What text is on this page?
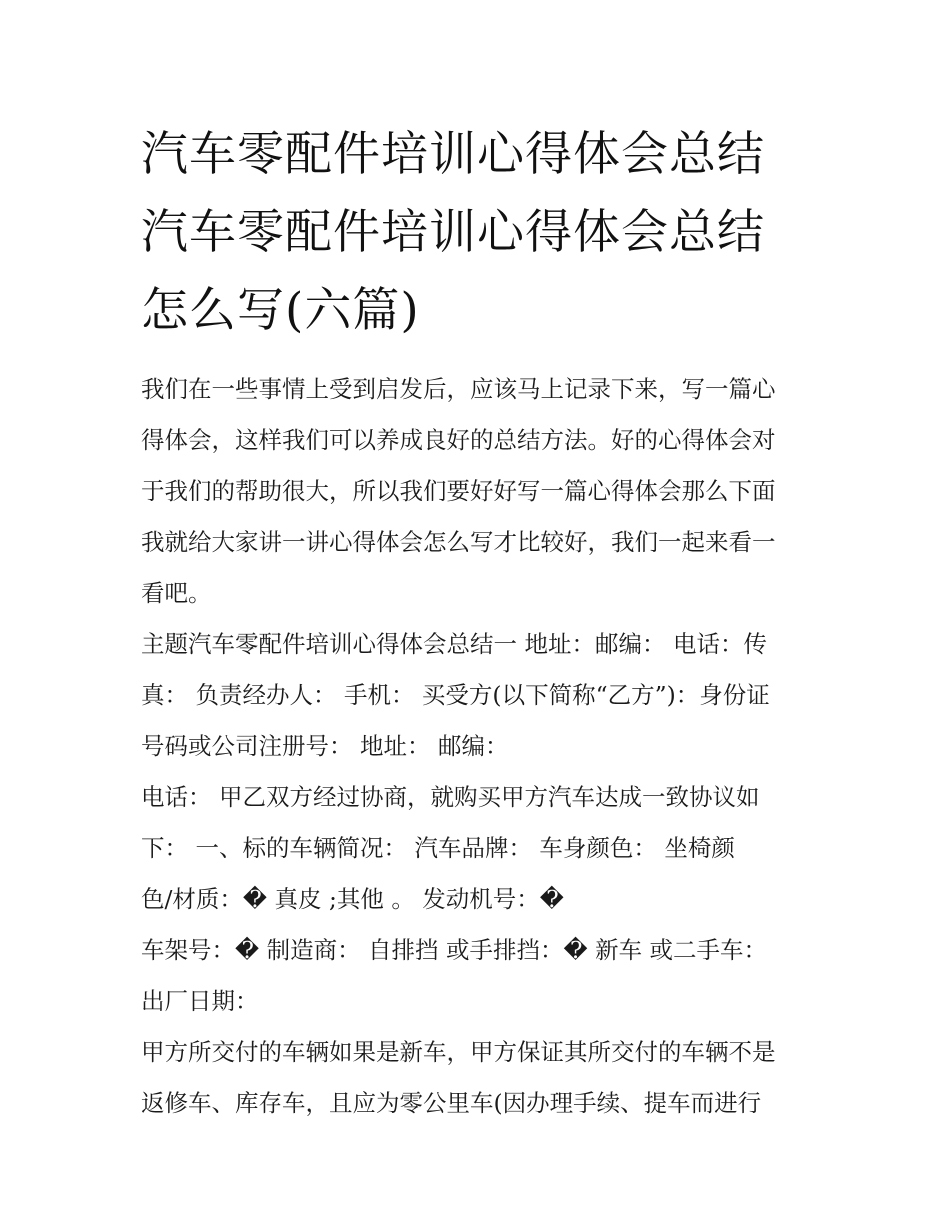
汽车零配件培训心得体会总结
汽车零配件培训心得体会总结
怎么写(六篇)

我们在一些事情上受到启发后，应该马上记录下来，写一篇心
得体会，这样我们可以养成良好的总结方法。好的心得体会对
于我们的帮助很大，所以我们要好好写一篇心得体会那么下面
我就给大家讲一讲心得体会怎么写才比较好，我们一起来看一
看吧。

主题汽车零配件培训心得体会总结一 地址：邮编： 电话：传
真： 负责经办人： 手机： 买受方(以下简称“乙方”)：身份证
号码或公司注册号： 地址： 邮编：

电话： 甲乙双方经过协商，就购买甲方汽车达成一致协议如
下： 一、标的车辆简况： 汽车品牌： 车身颜色： 坐椅颜
色/材质：� 真皮 ;其他 。 发动机号：�

车架号：� 制造商： 自排挡 或手排挡：� 新车 或二手车：
出厂日期：

甲方所交付的车辆如果是新车，甲方保证其所交付的车辆不是
返修车、库存车，且应为零公里车(因办理手续、提车而进行
